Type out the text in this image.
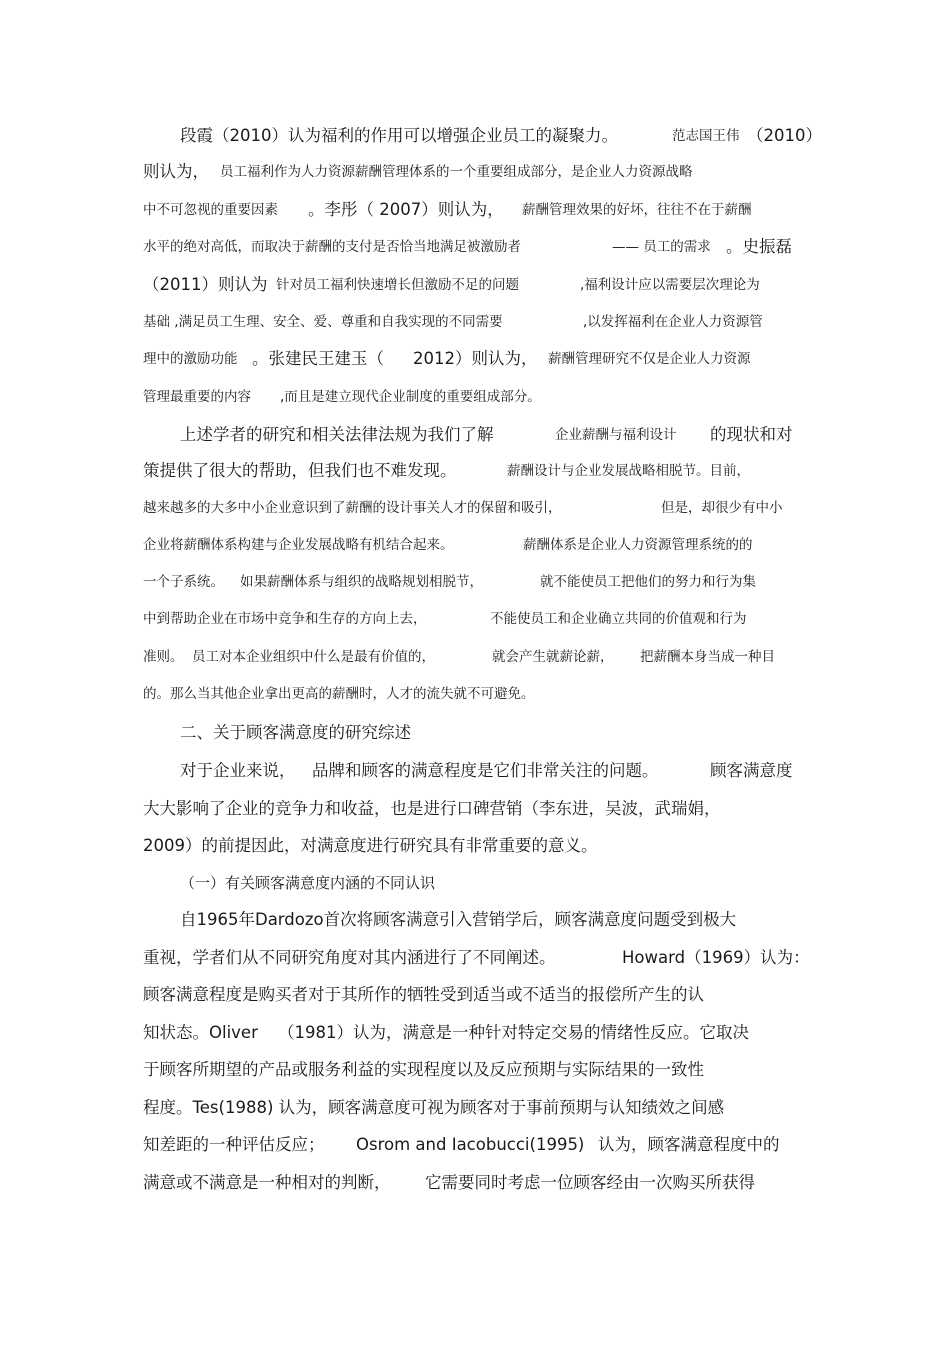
段霞（2010）认为福利的作用可以增强企业员工的凝聚力。	范志国王伟 （2010）
则认为， 员工福利作为人力资源薪酬管理体系的一个重要组成部分，是企业人力资源战略
中不可忽视的重要因素 。李彤（ 2007）则认为， 薪酬管理效果的好坏，往往不在于薪酬
水平的绝对高低，而取决于薪酬的支付是否恰当地满足被激励者	—— 员工的需求 。史振磊
（2011）则认为 针对员工福利快速增长但激励不足的问题	,福利设计应以需要层次理论为
基础 ,满足员工生理、安全、爱、尊重和自我实现的不同需要	,以发挥福利在企业人力资源管
理中的激励功能 。张建民王建玉（ 2012）则认为， 薪酬管理研究不仅是企业人力资源
管理最重要的内容 ,而且是建立现代企业制度的重要组成部分。
上述学者的研究和相关法律法规为我们了解	企业薪酬与福利设计 的现状和对
策提供了很大的帮助，但我们也不难发现。	薪酬设计与企业发展战略相脱节。目前，
越来越多的大多中小企业意识到了薪酬的设计事关人才的保留和吸引，	但是，却很少有中小
企业将薪酬体系构建与企业发展战略有机结合起来。	薪酬体系是企业人力资源管理系统的的
一个子系统。 如果薪酬体系与组织的战略规划相脱节，	就不能使员工把他们的努力和行为集
中到帮助企业在市场中竞争和生存的方向上去，	不能使员工和企业确立共同的价值观和行为
准则。 员工对本企业组织中什么是最有价值的，	就会产生就薪论薪， 把薪酬本身当成一种目
的。那么当其他企业拿出更高的薪酬时，人才的流失就不可避免。
二、关于顾客满意度的研究综述
对于企业来说， 品牌和顾客的满意程度是它们非常关注的问题。	顾客满意度
大大影响了企业的竞争力和收益，也是进行口碑营销（李东进，吴波，武瑞娟，
2009）的前提因此，对满意度进行研究具有非常重要的意义。
（一）有关顾客满意度内涵的不同认识
自1965年Dardozo首次将顾客满意引入营销学后，顾客满意度问题受到极大
重视，学者们从不同研究角度对其内涵进行了不同阐述。	Howard（1969）认为：
顾客满意程度是购买者对于其所作的牺牲受到适当或不适当的报偿所产生的认
知状态。Oliver （1981）认为，满意是一种针对特定交易的情绪性反应。它取决
于顾客所期望的产品或服务利益的实现程度以及反应预期与实际结果的一致性
程度。Tes(1988) 认为，顾客满意度可视为顾客对于事前预期与认知绩效之间感
知差距的一种评估反应； Osrom and Iacobucci(1995) 认为，顾客满意程度中的
满意或不满意是一种相对的判断， 它需要同时考虑一位顾客经由一次购买所获得
